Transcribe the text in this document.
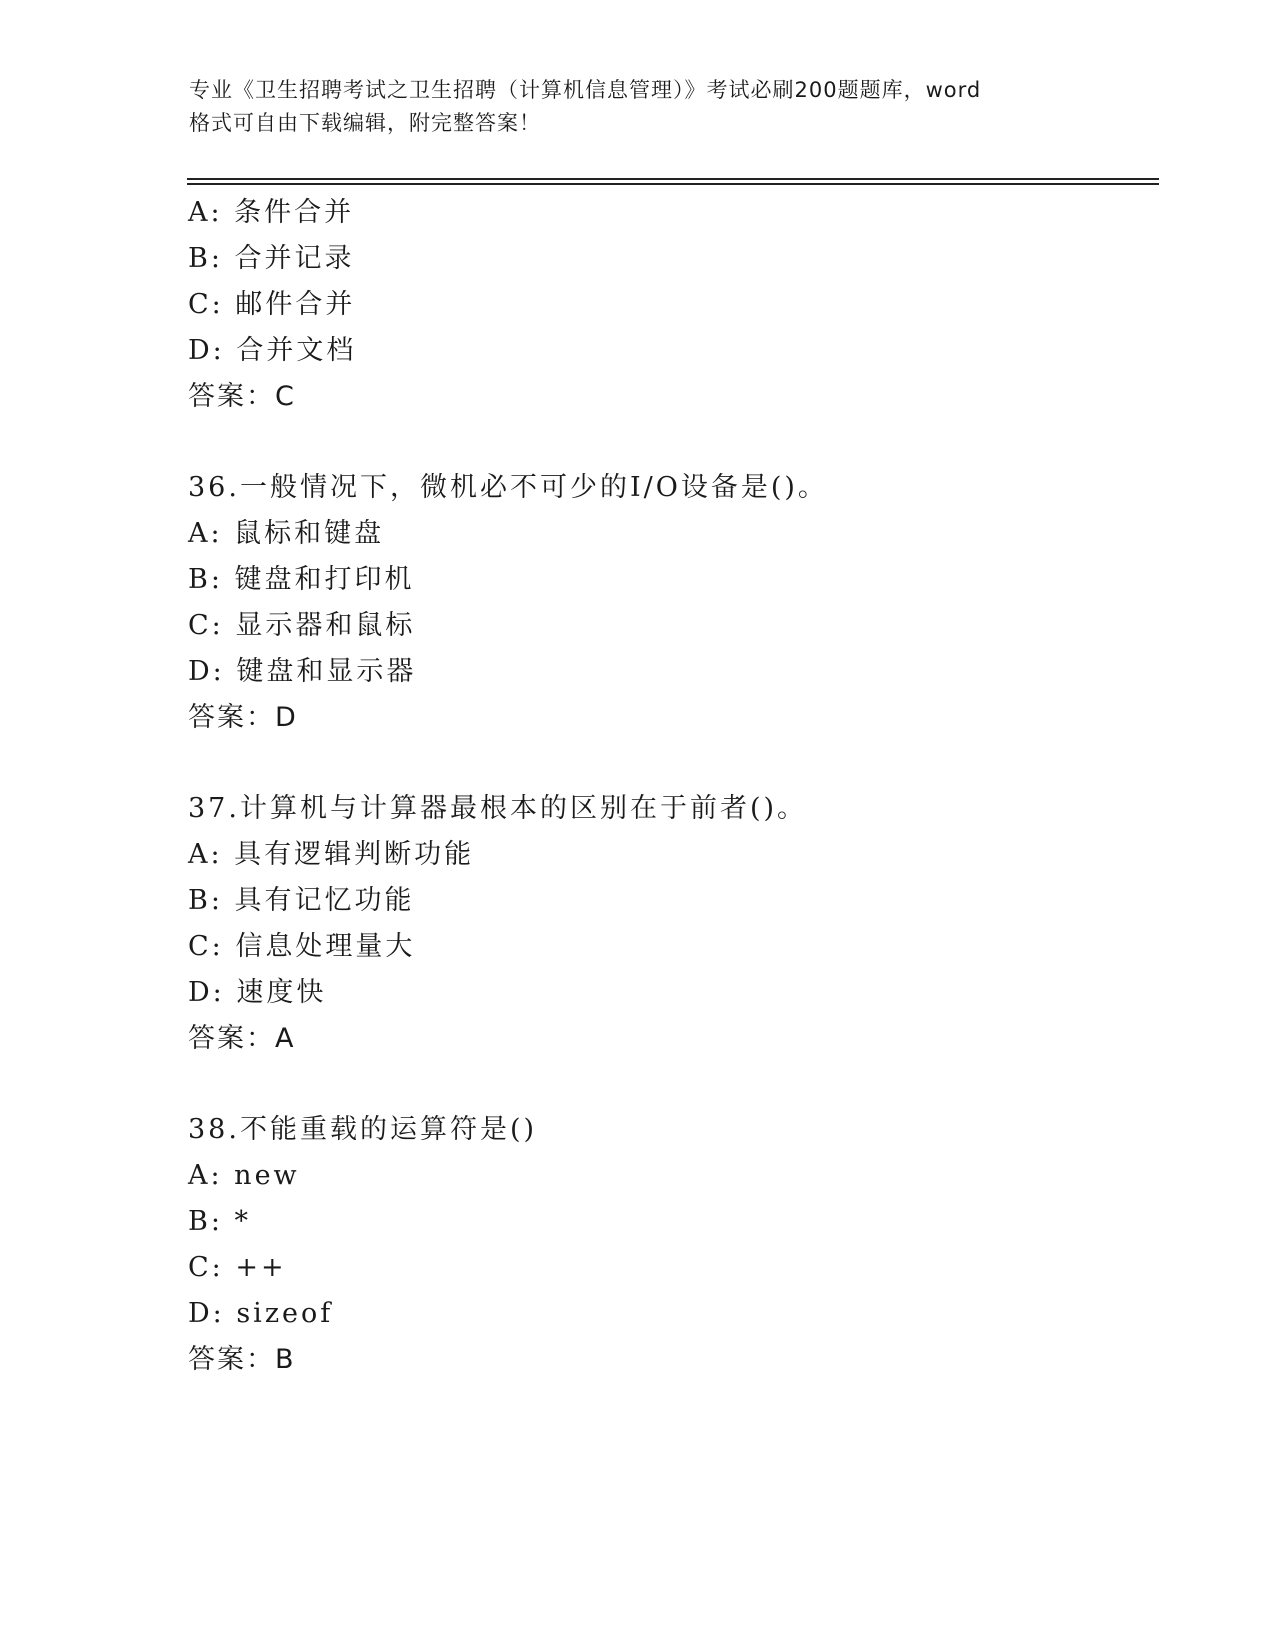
专业《卫生招聘考试之卫生招聘（计算机信息管理）》考试必刷200题题库，word
格式可自由下载编辑，附完整答案！
A: 条件合并
B: 合并记录
C: 邮件合并
D: 合并文档
答案：C
36.一般情况下，微机必不可少的I/O设备是()。
A: 鼠标和键盘
B: 键盘和打印机
C: 显示器和鼠标
D: 键盘和显示器
答案：D
37.计算机与计算器最根本的区别在于前者()。
A: 具有逻辑判断功能
B: 具有记忆功能
C: 信息处理量大
D: 速度快
答案：A
38.不能重载的运算符是()
A: new
B: *
C: ++
D: sizeof
答案：B
